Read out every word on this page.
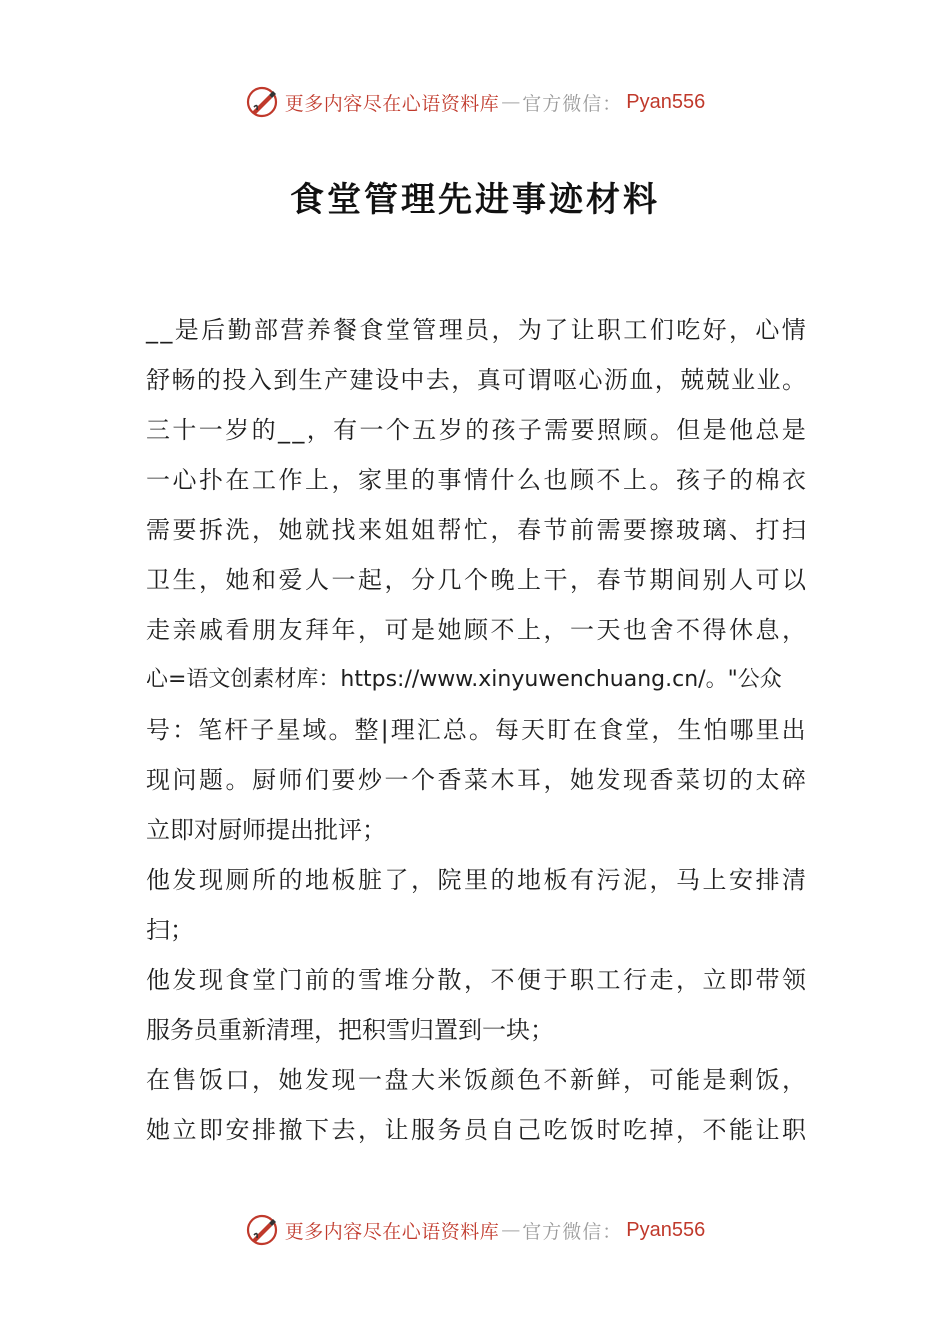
更多内容尽在心语资料库 — 官方微信： Pyan556
食堂管理先进事迹材料
_ _ 是 后 勤 部 营 养 餐 食 堂 管 理 员 ， 为 了 让 职 工 们 吃 好 ， 心 情
舒 畅 的 投 入 到 生 产 建 设 中 去 ， 真 可 谓 呕 心 沥 血 ， 兢 兢 业 业 。
三 十 一 岁 的 _ _ ， 有 一 个 五 岁 的 孩 子 需 要 照 顾 。 但 是 他 总 是
一 心 扑 在 工 作 上 ， 家 里 的 事 情 什 么 也 顾 不 上 。 孩 子 的 棉 衣
需 要 拆 洗 ， 她 就 找 来 姐 姐 帮 忙 ， 春 节 前 需 要 擦 玻 璃 、 打 扫
卫 生 ， 她 和 爱 人 一 起 ， 分 几 个 晚 上 干 ， 春 节 期 间 别 人 可 以
走 亲 戚 看 朋 友 拜 年 ， 可 是 她 顾 不 上 ， 一 天 也 舍 不 得 休 息 ，
心=语文创素材库：https://www.xinyuwenchuang.cn/。"公众
号 ： 笔 杆 子 星 域 。 整 | 理 汇 总 。 每 天 盯 在 食 堂 ， 生 怕 哪 里 出
现 问 题 。 厨 师 们 要 炒 一 个 香 菜 木 耳 ， 她 发 现 香 菜 切 的 太 碎
立即对厨师提出批评；
他 发 现 厕 所 的 地 板 脏 了 ， 院 里 的 地 板 有 污 泥 ， 马 上 安 排 清
扫；
他 发 现 食 堂 门 前 的 雪 堆 分 散 ， 不 便 于 职 工 行 走 ， 立 即 带 领
服务员重新清理，把积雪归置到一块；
在 售 饭 口 ， 她 发 现 一 盘 大 米 饭 颜 色 不 新 鲜 ， 可 能 是 剩 饭 ，
她 立 即 安 排 撤 下 去 ， 让 服 务 员 自 己 吃 饭 时 吃 掉 ， 不 能 让 职
更多内容尽在心语资料库 — 官方微信： Pyan556
